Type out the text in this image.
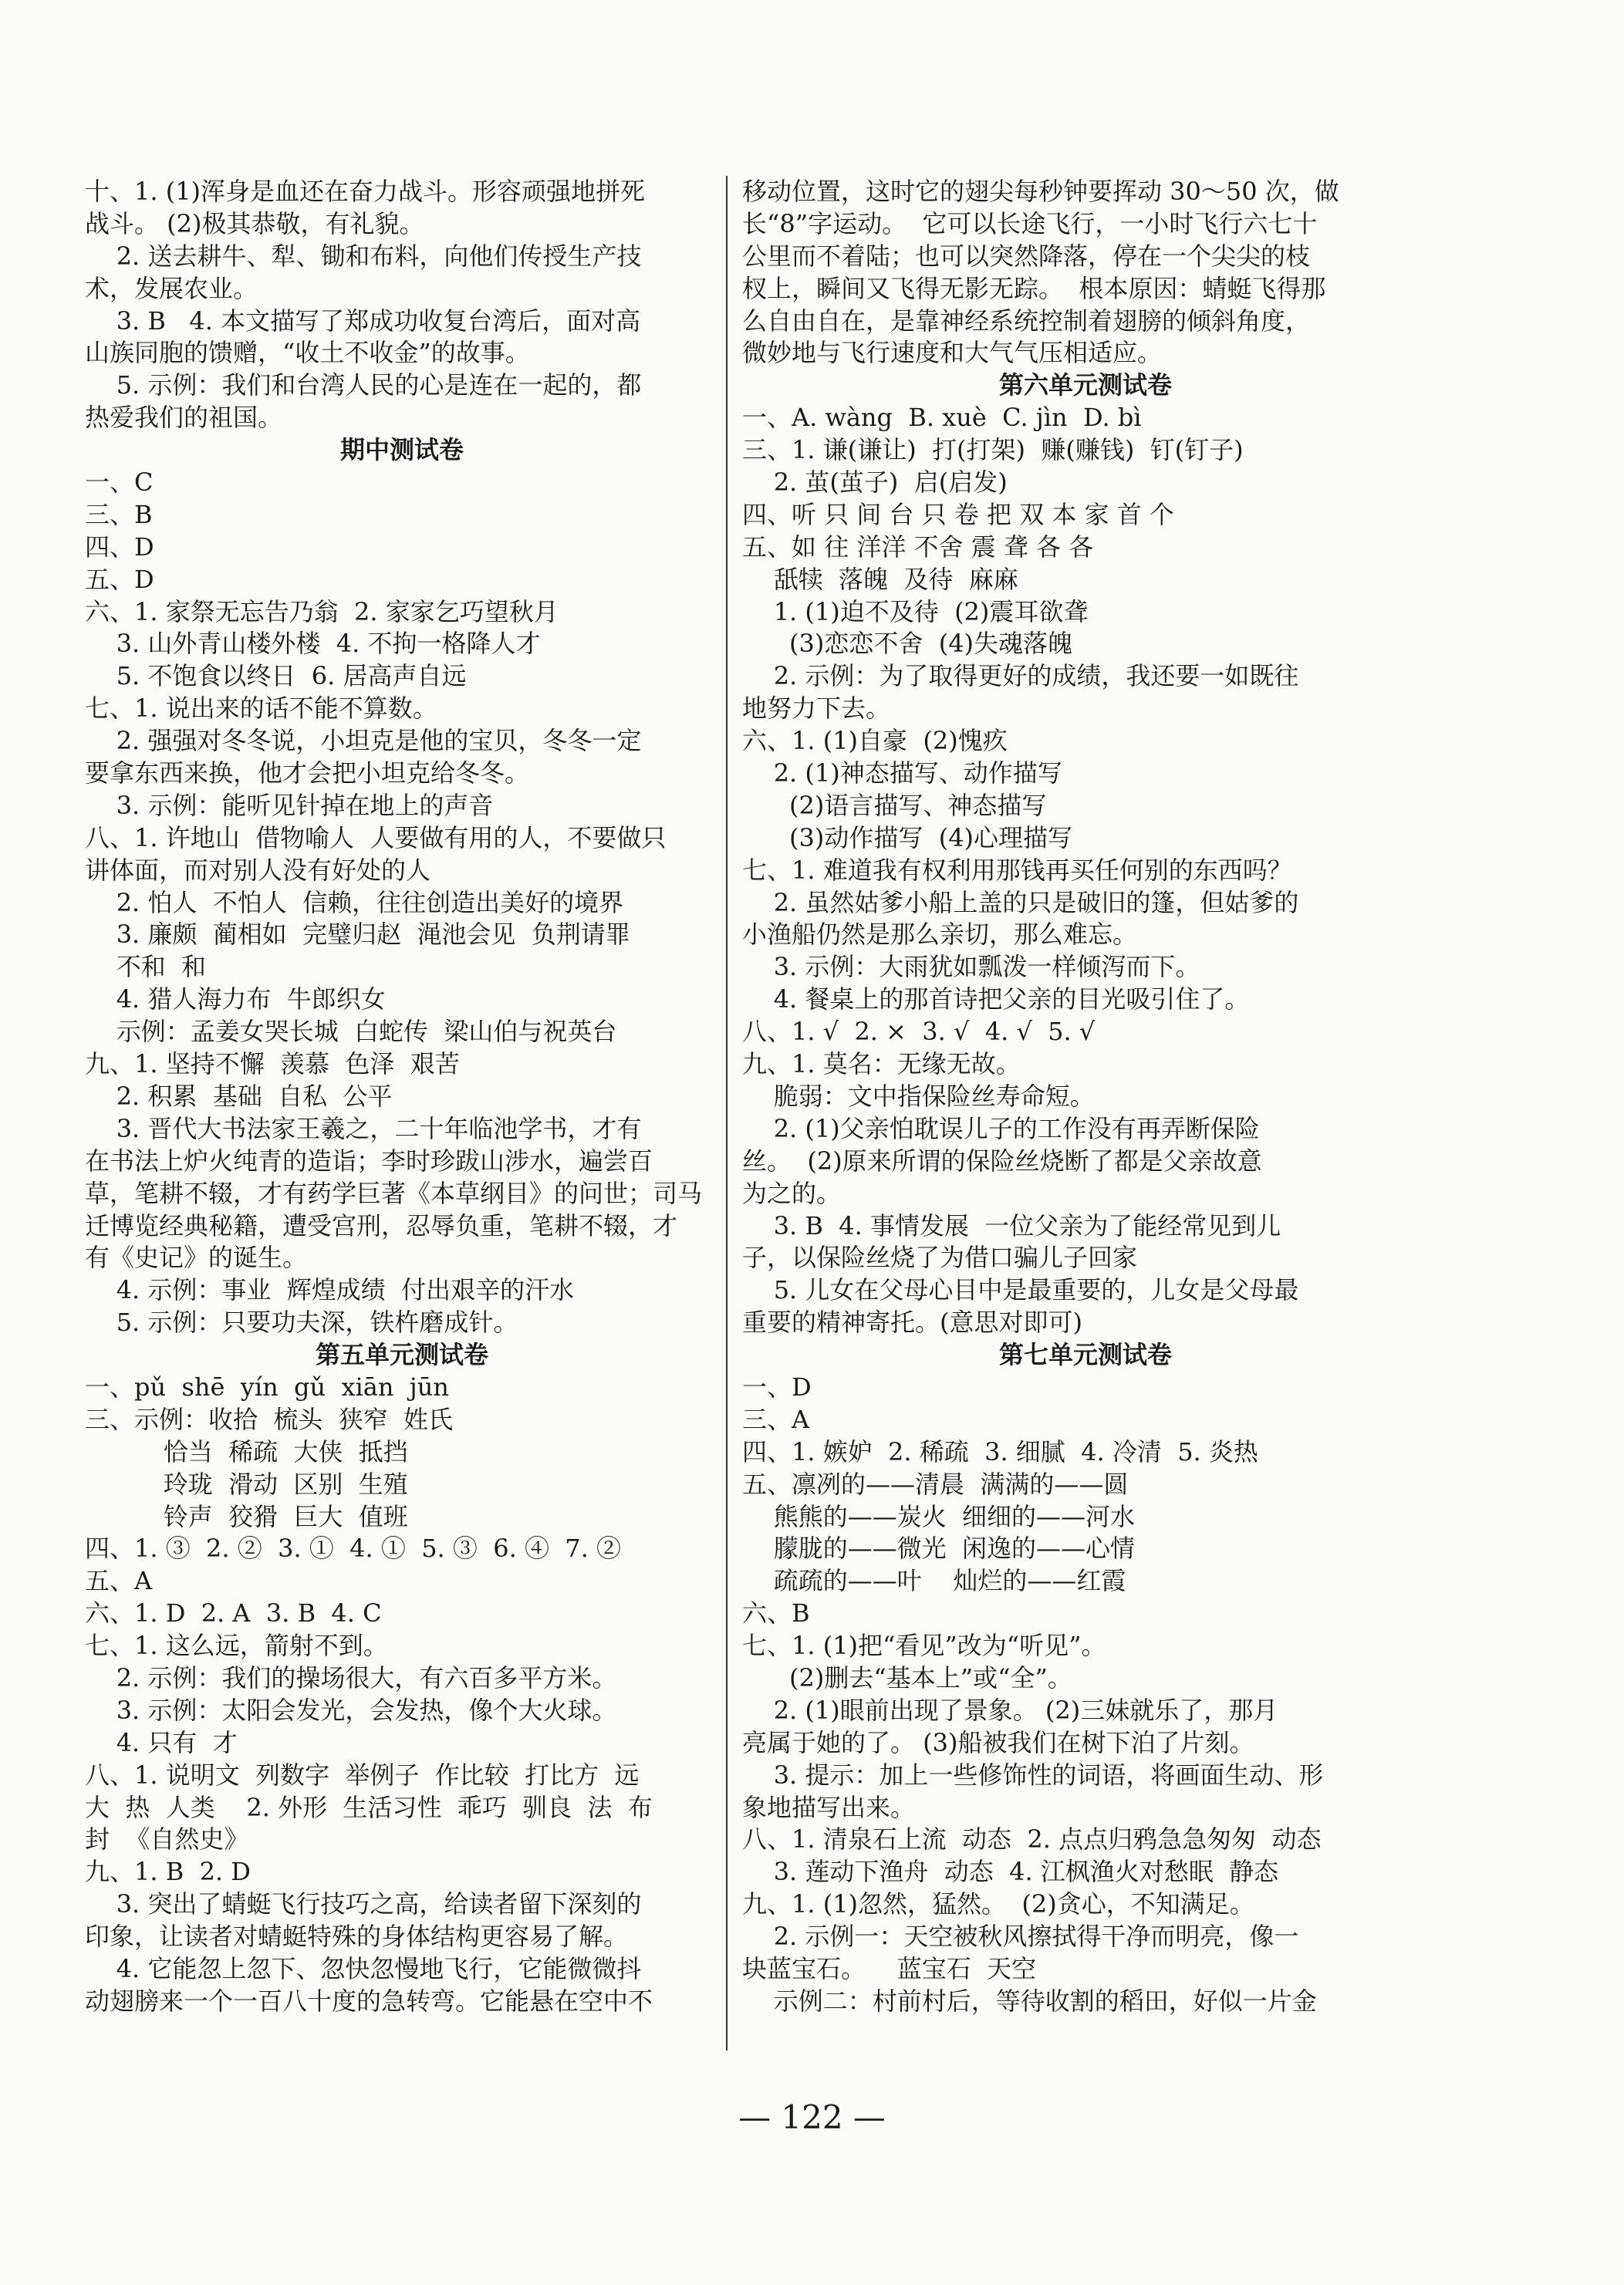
十、1. (1)浑身是血还在奋力战斗。形容顽强地拼死
战斗。 (2)极其恭敬，有礼貌。
2. 送去耕牛、犁、锄和布料，向他们传授生产技
术，发展农业。
3. B   4. 本文描写了郑成功收复台湾后，面对高
山族同胞的馈赠，“收土不收金”的故事。
5. 示例：我们和台湾人民的心是连在一起的，都
热爱我们的祖国。
期中测试卷
一、C
三、B
四、D
五、D
六、1. 家祭无忘告乃翁  2. 家家乞巧望秋月
3. 山外青山楼外楼  4. 不拘一格降人才
5. 不饱食以终日  6. 居高声自远
七、1. 说出来的话不能不算数。
2. 强强对冬冬说，小坦克是他的宝贝，冬冬一定
要拿东西来换，他才会把小坦克给冬冬。
3. 示例：能听见针掉在地上的声音
八、1. 许地山  借物喻人  人要做有用的人，不要做只
讲体面，而对别人没有好处的人
2. 怕人  不怕人  信赖，往往创造出美好的境界
3. 廉颇  蔺相如  完璧归赵  渑池会见  负荆请罪
不和  和
4. 猎人海力布  牛郎织女
示例：孟姜女哭长城  白蛇传  梁山伯与祝英台
九、1. 坚持不懈  羡慕  色泽  艰苦
2. 积累  基础  自私  公平
3. 晋代大书法家王羲之，二十年临池学书，才有
在书法上炉火纯青的造诣；李时珍跋山涉水，遍尝百
草，笔耕不辍，才有药学巨著《本草纲目》的问世；司马
迁博览经典秘籍，遭受宫刑，忍辱负重，笔耕不辍，才
有《史记》的诞生。
4. 示例：事业  辉煌成绩  付出艰辛的汗水
5. 示例：只要功夫深，铁杵磨成针。
第五单元测试卷
一、pǔ  shē  yín  gǔ  xiān  jūn
三、示例：收拾  梳头  狭窄  姓氏
恰当  稀疏  大侠  抵挡
玲珑  滑动  区别  生殖
铃声  狡猾  巨大  值班
四、1. ③  2. ②  3. ①  4. ①  5. ③  6. ④  7. ②
五、A
六、1. D  2. A  3. B  4. C
七、1. 这么远，箭射不到。
2. 示例：我们的操场很大，有六百多平方米。
3. 示例：太阳会发光，会发热，像个大火球。
4. 只有  才
八、1. 说明文  列数字  举例子  作比较  打比方  远
大  热  人类    2. 外形  生活习性  乖巧  驯良  法  布
封  《自然史》
九、1. B  2. D
3. 突出了蜻蜓飞行技巧之高，给读者留下深刻的
印象，让读者对蜻蜓特殊的身体结构更容易了解。
4. 它能忽上忽下、忽快忽慢地飞行，它能微微抖
动翅膀来一个一百八十度的急转弯。它能悬在空中不
移动位置，这时它的翅尖每秒钟要挥动 30～50 次，做
长“8”字运动。  它可以长途飞行，一小时飞行六七十
公里而不着陆；也可以突然降落，停在一个尖尖的枝
杈上，瞬间又飞得无影无踪。  根本原因：蜻蜓飞得那
么自由自在，是靠神经系统控制着翅膀的倾斜角度，
微妙地与飞行速度和大气气压相适应。
第六单元测试卷
一、A. wàng  B. xuè  C. jìn  D. bì
三、1. 谦(谦让)  打(打架)  赚(赚钱)  钉(钉子)
2. 茧(茧子)  启(启发)
四、听 只 间 台 只 卷 把 双 本 家 首 个
五、如 往 洋洋 不舍 震 聋 各 各
舐犊  落魄  及待  麻麻
1. (1)迫不及待  (2)震耳欲聋
(3)恋恋不舍  (4)失魂落魄
2. 示例：为了取得更好的成绩，我还要一如既往
地努力下去。
六、1. (1)自豪  (2)愧疚
2. (1)神态描写、动作描写
(2)语言描写、神态描写
(3)动作描写  (4)心理描写
七、1. 难道我有权利用那钱再买任何别的东西吗？
2. 虽然姑爹小船上盖的只是破旧的篷，但姑爹的
小渔船仍然是那么亲切，那么难忘。
3. 示例：大雨犹如瓢泼一样倾泻而下。
4. 餐桌上的那首诗把父亲的目光吸引住了。
八、1. √  2. ×  3. √  4. √  5. √
九、1. 莫名：无缘无故。
脆弱：文中指保险丝寿命短。
2. (1)父亲怕耽误儿子的工作没有再弄断保险
丝。  (2)原来所谓的保险丝烧断了都是父亲故意
为之的。
3. B  4. 事情发展  一位父亲为了能经常见到儿
子，以保险丝烧了为借口骗儿子回家
5. 儿女在父母心目中是最重要的，儿女是父母最
重要的精神寄托。(意思对即可)
第七单元测试卷
一、D
三、A
四、1. 嫉妒  2. 稀疏  3. 细腻  4. 冷清  5. 炎热
五、凛冽的——清晨  满满的——圆
熊熊的——炭火  细细的——河水
朦胧的——微光  闲逸的——心情
疏疏的——叶    灿烂的——红霞
六、B
七、1. (1)把“看见”改为“听见”。
(2)删去“基本上”或“全”。
2. (1)眼前出现了景象。 (2)三妹就乐了，那月
亮属于她的了。 (3)船被我们在树下泊了片刻。
3. 提示：加上一些修饰性的词语，将画面生动、形
象地描写出来。
八、1. 清泉石上流  动态  2. 点点归鸦急急匆匆  动态
3. 莲动下渔舟  动态  4. 江枫渔火对愁眠  静态
九、1. (1)忽然，猛然。  (2)贪心，不知满足。
2. 示例一：天空被秋风擦拭得干净而明亮，像一
块蓝宝石。    蓝宝石  天空
示例二：村前村后，等待收割的稻田，好似一片金
— 122 —
